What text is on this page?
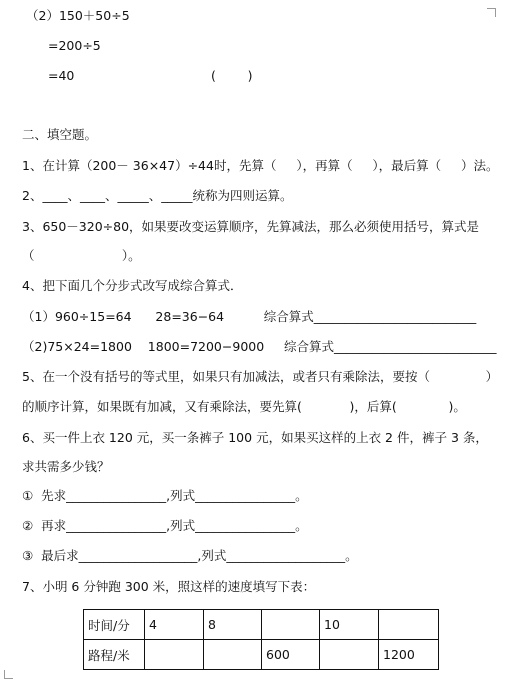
（2）150＋50÷5
=200÷5
=40	(        )
二、填空题。
1、在计算（200－ 36×47）÷44时，先算（     ），再算（     ），最后算（     ）法。
2、____、____、_____、_____统称为四则运算。
3、650－320÷80，如果要改变运算顺序，先算减法，那么必须使用括号，算式是
（                      ）。
4、把下面几个分步式改写成综合算式．
（1）960÷15=64      28=36−64          综合算式__________________________
（2)75×24=1800    1800=7200−9000     综合算式__________________________
5、在一个没有括号的等式里，如果只有加减法，或者只有乘除法，要按（              ）
的顺序计算，如果既有加减，又有乘除法，要先算(            )，后算(             )。
6、买一件上衣 120 元，买一条裤子 100 元，如果买这样的上衣 2 件，裤子 3 条，
求共需多少钱？
①  先求________________,列式________________。
②  再求________________,列式________________。
③  最后求___________________,列式___________________。
7、小明 6 分钟跑 300 米，照这样的速度填写下表：
时间/分	4	8		10	
路程/米			600		1200
